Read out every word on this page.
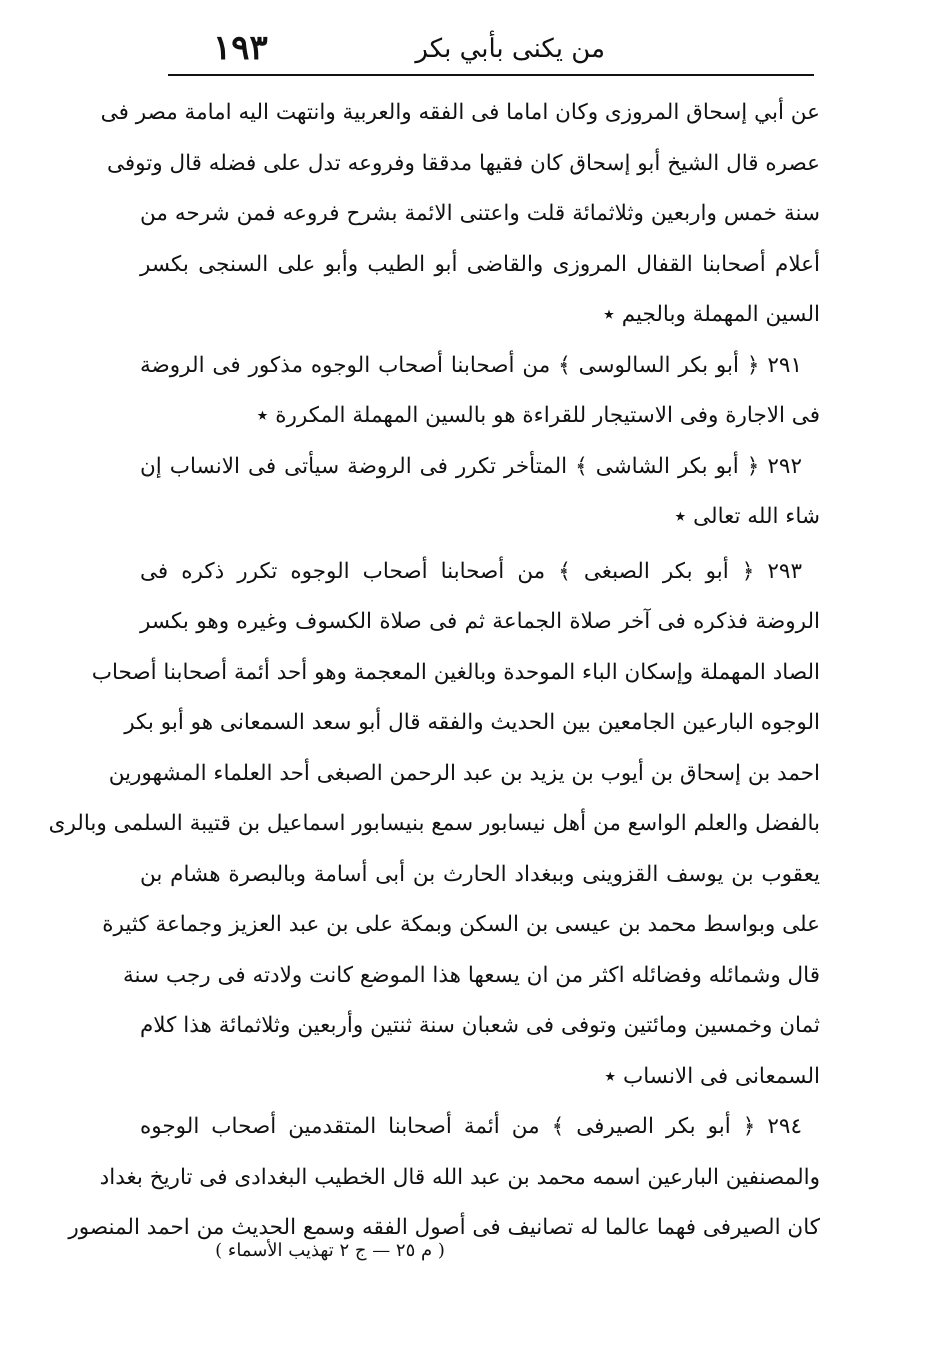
١٩٣	من يكنى بأبي بكر
عن أبي إسحاق المروزى وكان اماما فى الفقه والعربية وانتهت اليه امامة مصر فى
عصره قال الشيخ أبو إسحاق كان فقيها مدققا وفروعه تدل على فضله قال وتوفى
سنة خمس واربعين وثلاثمائة قلت واعتنى الائمة بشرح فروعه فمن شرحه من
أعلام أصحابنا القفال المروزى والقاضى أبو الطيب وأبو على السنجى بكسر
السين المهملة وبالجيم ٭
٢٩١ ﴿ أبو بكر السالوسى ﴾ من أصحابنا أصحاب الوجوه مذكور فى الروضة
فى الاجارة وفى الاستيجار للقراءة هو بالسين المهملة المكررة ٭
٢٩٢ ﴿ أبو بكر الشاشى ﴾ المتأخر تكرر فى الروضة سيأتى فى الانساب إن
شاء الله تعالى ٭
٢٩٣ ﴿ أبو بكر الصبغى ﴾ من أصحابنا أصحاب الوجوه تكرر ذكره فى
الروضة فذكره فى آخر صلاة الجماعة ثم فى صلاة الكسوف وغيره وهو بكسر
الصاد المهملة وإسكان الباء الموحدة وبالغين المعجمة وهو أحد أئمة أصحابنا أصحاب
الوجوه البارعين الجامعين بين الحديث والفقه قال أبو سعد السمعانى هو أبو بكر
احمد بن إسحاق بن أيوب بن يزيد بن عبد الرحمن الصبغى أحد العلماء المشهورين
بالفضل والعلم الواسع من أهل نيسابور سمع بنيسابور اسماعيل بن قتيبة السلمى وبالرى
يعقوب بن يوسف القزوينى وببغداد الحارث بن أبى أسامة وبالبصرة هشام بن
على وبواسط محمد بن عيسى بن السكن وبمكة على بن عبد العزيز وجماعة كثيرة
قال وشمائله وفضائله اكثر من ان يسعها هذا الموضع كانت ولادته فى رجب سنة
ثمان وخمسين ومائتين وتوفى فى شعبان سنة ثنتين وأربعين وثلاثمائة هذا كلام
السمعانى فى الانساب ٭
٢٩٤ ﴿ أبو بكر الصيرفى ﴾ من أئمة أصحابنا المتقدمين أصحاب الوجوه
والمصنفين البارعين اسمه محمد بن عبد الله قال الخطيب البغدادى فى تاريخ بغداد
كان الصيرفى فهما عالما له تصانيف فى أصول الفقه وسمع الحديث من احمد المنصور
( م ٢٥ — ج ٢ تهذيب الأسماء )
